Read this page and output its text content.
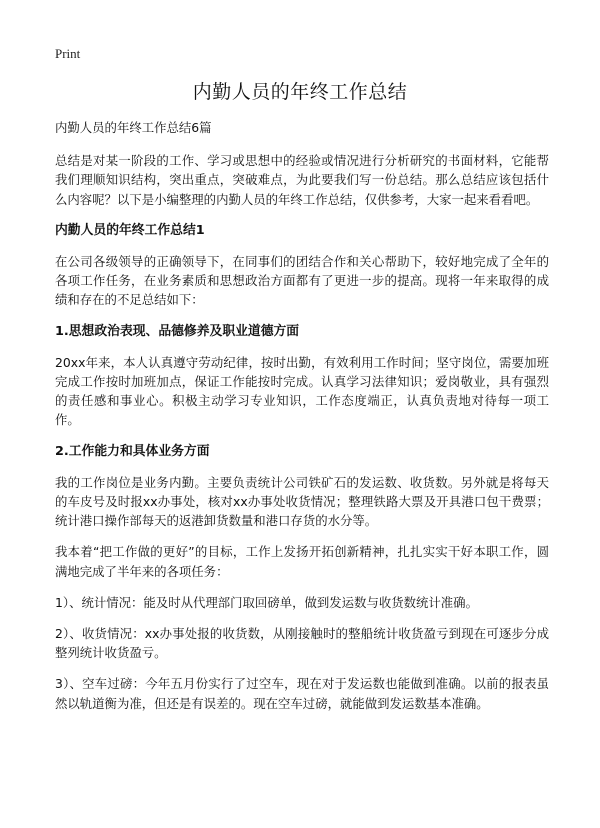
Print
内勤人员的年终工作总结

内勤人员的年终工作总结6篇

总结是对某一阶段的工作、学习或思想中的经验或情况进行分析研究的书面材料，它能帮我们理顺知识结构，突出重点，突破难点，为此要我们写一份总结。那么总结应该包括什么内容呢？以下是小编整理的内勤人员的年终工作总结，仅供参考，大家一起来看看吧。

内勤人员的年终工作总结1

在公司各级领导的正确领导下，在同事们的团结合作和关心帮助下，较好地完成了全年的各项工作任务，在业务素质和思想政治方面都有了更进一步的提高。现将一年来取得的成绩和存在的不足总结如下：

1.思想政治表现、品德修养及职业道德方面

20xx年来，本人认真遵守劳动纪律，按时出勤，有效利用工作时间；坚守岗位，需要加班完成工作按时加班加点，保证工作能按时完成。认真学习法律知识；爱岗敬业，具有强烈的责任感和事业心。积极主动学习专业知识，工作态度端正，认真负责地对待每一项工作。

2.工作能力和具体业务方面

我的工作岗位是业务内勤。主要负责统计公司铁矿石的发运数、收货数。另外就是将每天的车皮号及时报xx办事处，核对xx办事处收货情况；整理铁路大票及开具港口包干费票；统计港口操作部每天的返港卸货数量和港口存货的水分等。

我本着“把工作做的更好”的目标，工作上发扬开拓创新精神，扎扎实实干好本职工作，圆满地完成了半年来的各项任务：

1）、统计情况：能及时从代理部门取回磅单，做到发运数与收货数统计准确。

2）、收货情况：xx办事处报的收货数，从刚接触时的整船统计收货盈亏到现在可逐步分成整列统计收货盈亏。

3）、空车过磅：今年五月份实行了过空车，现在对于发运数也能做到准确。以前的报表虽然以轨道衡为准，但还是有误差的。现在空车过磅，就能做到发运数基本准确。
